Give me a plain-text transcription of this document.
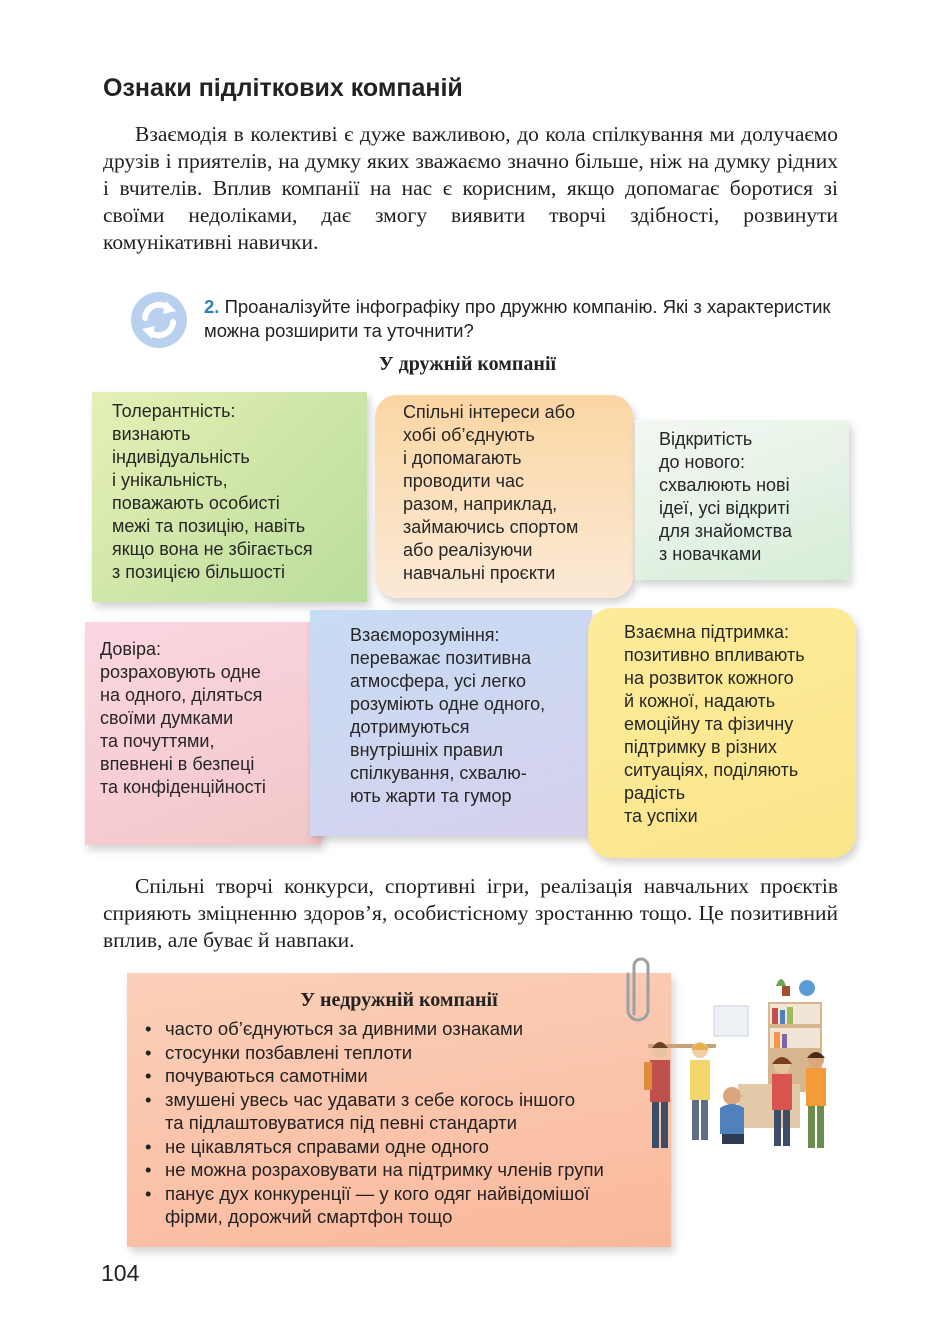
Ознаки підліткових компаній

Взаємодія в колективі є дуже важливою, до кола спілкування ми долучаємо друзів і приятелів, на думку яких зважаємо значно більше, ніж на думку рідних і вчителів. Вплив компанії на нас є корисним, якщо допомагає боротися зі своїми недоліками, дає змогу виявити творчі здібності, розвинути комунікативні навички.

2. Проаналізуйте інфографіку про дружню компанію. Які з характеристик можна розширити та уточнити?

У дружній компанії

Толерантність:
визнають
індивідуальність
і унікальність,
поважають особисті
межі та позицію, навіть
якщо вона не збігається
з позицією більшості
Спільні інтереси або
хобі об’єднують
і допомагають
проводити час
разом, наприклад,
займаючись спортом
або реалізуючи
навчальні проєкти
Відкритість
до нового:
схвалюють нові
ідеї, усі відкриті
для знайомства
з новачками
Довіра:
розраховують одне
на одного, діляться
своїми думками
та почуттями,
впевнені в безпеці
та конфіденційності
Взаєморозуміння:
переважає позитивна
атмосфера, усі легко
розуміють одне одного,
дотримуються
внутрішніх правил
спілкування, схвалю-
ють жарти та гумор
Взаємна підтримка:
позитивно впливають
на розвиток кожного
й кожної, надають
емоційну та фізичну
підтримку в різних
ситуаціях, поділяють
радість
та успіхи

Спільні творчі конкурси, спортивні ігри, реалізація навчальних проєктів сприяють зміцненню здоров’я, особистісному зростанню тощо. Це позитивний вплив, але буває й навпаки.

У недружній компанії

• часто об’єднуються за дивними ознаками
• стосунки позбавлені теплоти
• почуваються самотніми
• змушені увесь час удавати з себе когось іншого
та підлаштовуватися під певні стандарти
• не цікавляться справами одне одного
• не можна розраховувати на підтримку членів групи
• панує дух конкуренції — у кого одяг найвідомішої
фірми, дорожчий смартфон тощо

104
